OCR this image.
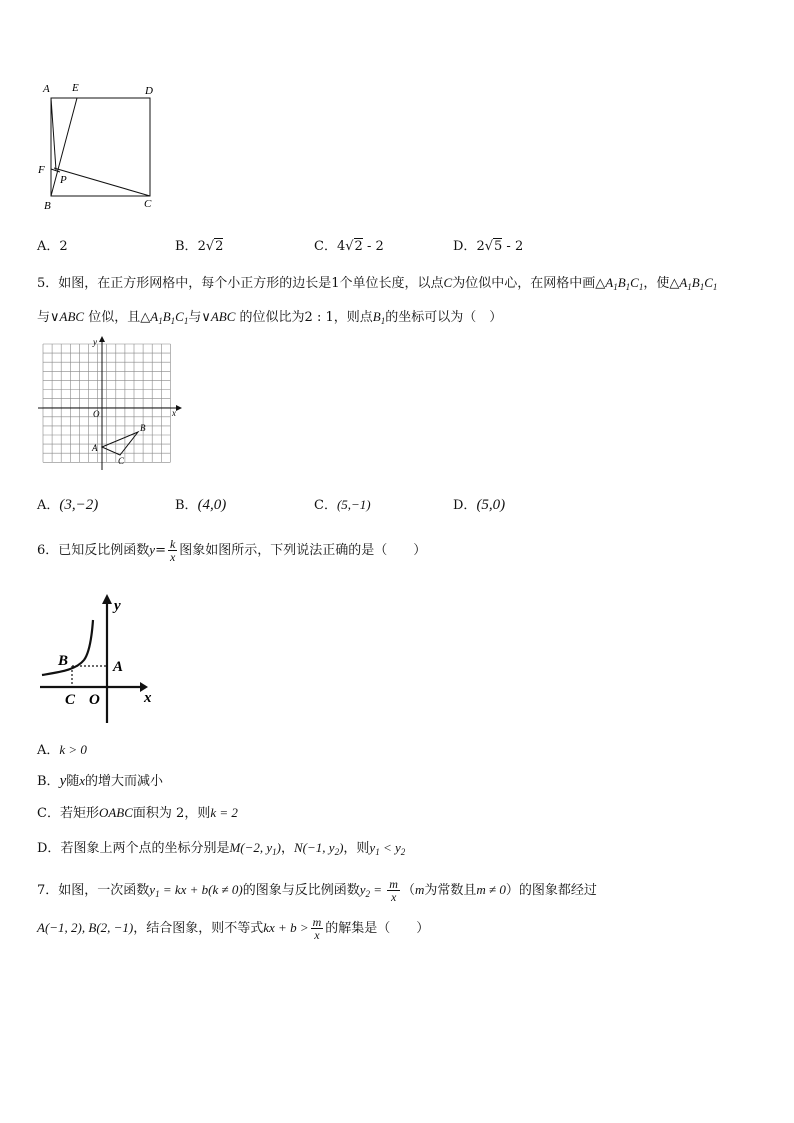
A E	D
F
P
B	C
A．2	B．2√2	C．4√2 - 2	D．2√5 - 2
5．如图，在正方形网格中，每个小正方形的边长是1个单位长度，以点C为位似中心，在网格中画$\triangle A_1B_1C_1$，使$\triangle A_1B_1C_1$
与∨ABC 位似，且$\triangle A_1B_1C_1$与∨ABC 的位似比为2 : 1，则点$B_1$的坐标可以为（　）
y
x
O
A
B
C
A．(3,−2)	B．(4,0)	C．(5,−1)	D．(5,0)
6．已知反比例函数$y= \frac{k}{x}$ 图象如图所示，下列说法正确的是（　　）
y
x
B	A
C O
A．k > 0
B．y随x的增大而减小
C．若矩形OABC面积为 2，则k = 2
D．若图象上两个点的坐标分别是M(−2, $y_1$)，N(−1, $y_2$)，则$y_1 < y_2$
7．如图，一次函数$y_1$ = kx + b(k ≠ 0)的图象与反比例函数$y_2 = \frac{m}{x} (m$为常数且m ≠ 0）的图象都经过
A(−1, 2), B(2, −1)，结合图象，则不等式kx + $b > \frac{m}{x}$ 的解集是（　　）
